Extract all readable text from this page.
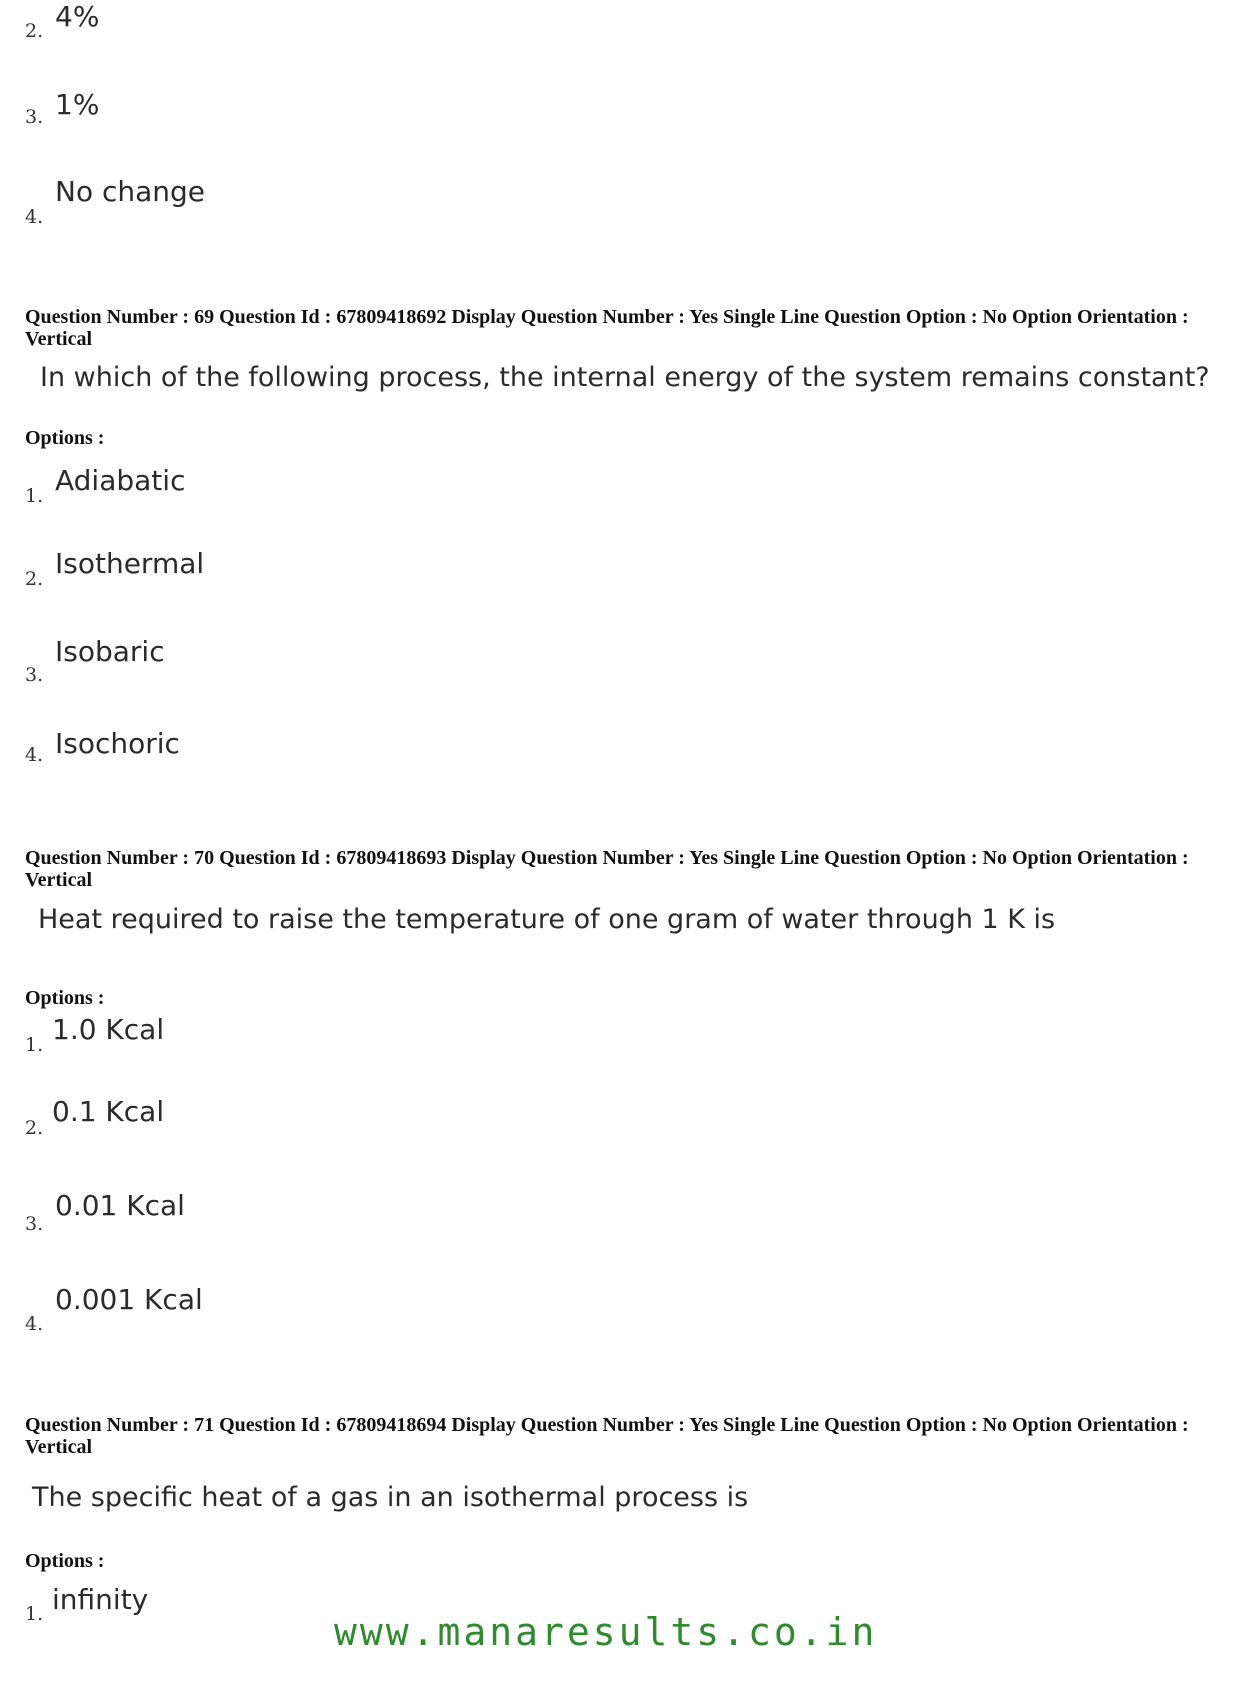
2. 4%
3. 1%
4.
No change
Question Number : 69 Question Id : 67809418692 Display Question Number : Yes Single Line Question Option : No Option Orientation : Vertical
In which of the following process, the internal energy of the system remains constant?
Options :
1. Adiabatic
2. Isothermal
3.
Isobaric
4. Isochoric
Question Number : 70 Question Id : 67809418693 Display Question Number : Yes Single Line Question Option : No Option Orientation : Vertical
Heat required to raise the temperature of one gram of water through 1 K is
Options :
1. 1.0 Kcal
2. 0.1 Kcal
3.
0.01 Kcal
4.
0.001 Kcal
Question Number : 71 Question Id : 67809418694 Display Question Number : Yes Single Line Question Option : No Option Orientation : Vertical
The specific heat of a gas in an isothermal process is
Options :
1. infinity
www.manaresults.co.in
